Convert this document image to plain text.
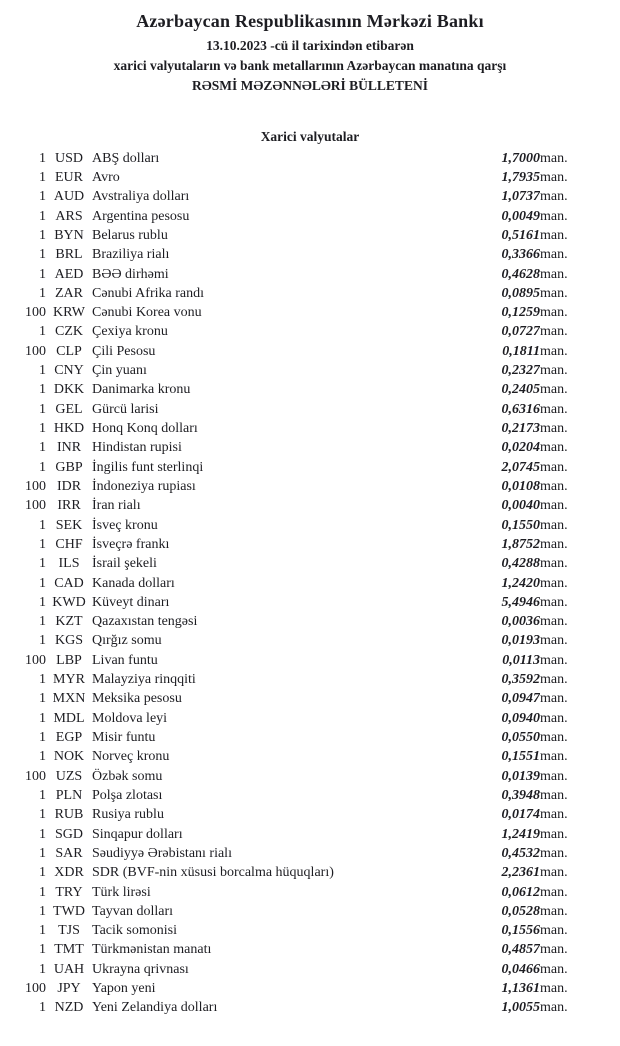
Azərbaycan Respublikasının Mərkəzi Bankı
13.10.2023 -cü il tarixindən etibarən
xarici valyutaların və bank metallarının Azərbaycan manatına qarşı
RƏSMİ MƏZƏNNƏLƏRİ BÜLLETENİ
Xarici valyutalar
1	USD	ABŞ dolları	1,7000	man.
1	EUR	Avro	1,7935	man.
1	AUD	Avstraliya dolları	1,0737	man.
1	ARS	Argentina pesosu	0,0049	man.
1	BYN	Belarus rublu	0,5161	man.
1	BRL	Braziliya rialı	0,3366	man.
1	AED	BƏƏ dirhəmi	0,4628	man.
1	ZAR	Cənubi Afrika randı	0,0895	man.
100	KRW	Cənubi Korea vonu	0,1259	man.
1	CZK	Çexiya kronu	0,0727	man.
100	CLP	Çili Pesosu	0,1811	man.
1	CNY	Çin yuanı	0,2327	man.
1	DKK	Danimarka kronu	0,2405	man.
1	GEL	Gürcü larisi	0,6316	man.
1	HKD	Honq Konq dolları	0,2173	man.
1	INR	Hindistan rupisi	0,0204	man.
1	GBP	İngilis funt sterlinqi	2,0745	man.
100	IDR	İndoneziya rupiası	0,0108	man.
100	IRR	İran rialı	0,0040	man.
1	SEK	İsveç kronu	0,1550	man.
1	CHF	İsveçrə frankı	1,8752	man.
1	ILS	İsrail şekeli	0,4288	man.
1	CAD	Kanada dolları	1,2420	man.
1	KWD	Küveyt dinarı	5,4946	man.
1	KZT	Qazaxıstan tengəsi	0,0036	man.
1	KGS	Qırğız somu	0,0193	man.
100	LBP	Livan funtu	0,0113	man.
1	MYR	Malayziya rinqqiti	0,3592	man.
1	MXN	Meksika pesosu	0,0947	man.
1	MDL	Moldova leyi	0,0940	man.
1	EGP	Misir funtu	0,0550	man.
1	NOK	Norveç kronu	0,1551	man.
100	UZS	Özbək somu	0,0139	man.
1	PLN	Polşa zlotası	0,3948	man.
1	RUB	Rusiya rublu	0,0174	man.
1	SGD	Sinqapur dolları	1,2419	man.
1	SAR	Səudiyyə Ərəbistanı rialı	0,4532	man.
1	XDR	SDR (BVF-nin xüsusi borcalma hüquqları)	2,2361	man.
1	TRY	Türk lirəsi	0,0612	man.
1	TWD	Tayvan dolları	0,0528	man.
1	TJS	Tacik somonisi	0,1556	man.
1	TMT	Türkmənistan manatı	0,4857	man.
1	UAH	Ukrayna qrivnası	0,0466	man.
100	JPY	Yapon yeni	1,1361	man.
1	NZD	Yeni Zelandiya dolları	1,0055	man.
